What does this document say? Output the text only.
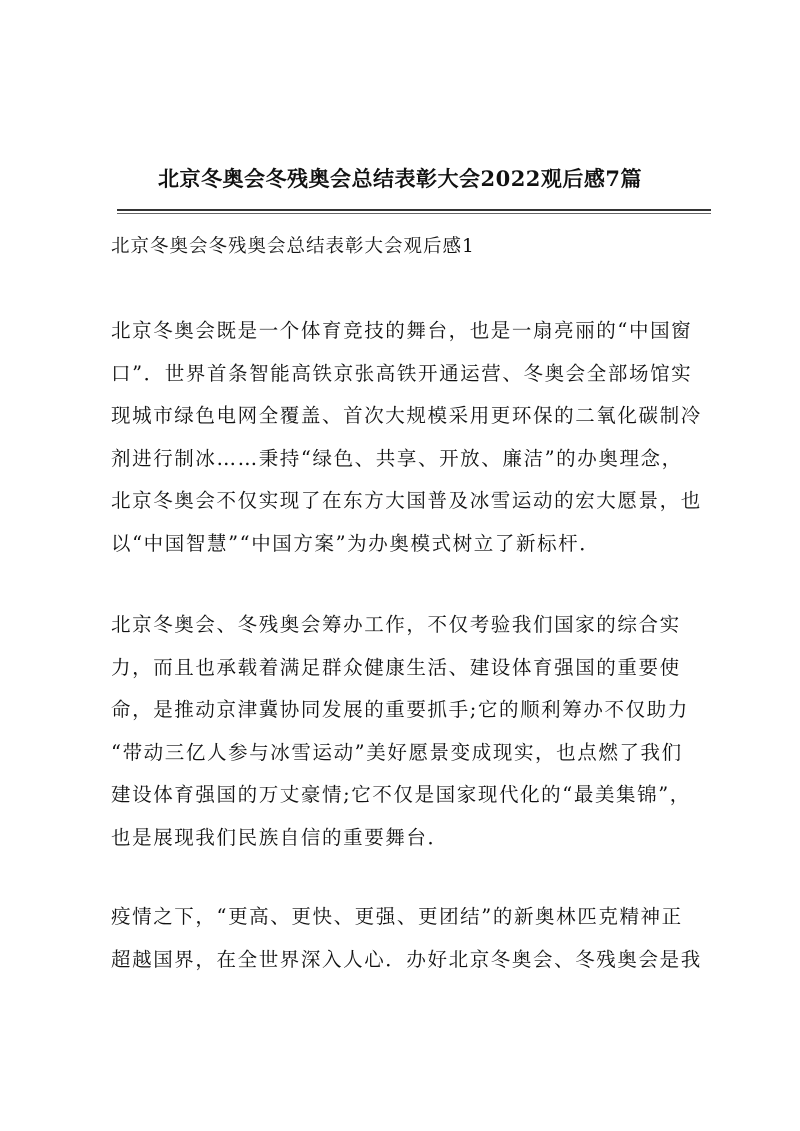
北京冬奥会冬残奥会总结表彰大会2022观后感7篇
北京冬奥会冬残奥会总结表彰大会观后感1
北京冬奥会既是一个体育竞技的舞台，也是一扇亮丽的“中国窗
口”．世界首条智能高铁京张高铁开通运营、冬奥会全部场馆实
现城市绿色电网全覆盖、首次大规模采用更环保的二氧化碳制冷
剂进行制冰……秉持“绿色、共享、开放、廉洁”的办奥理念，
北京冬奥会不仅实现了在东方大国普及冰雪运动的宏大愿景，也
以“中国智慧”“中国方案”为办奥模式树立了新标杆．
北京冬奥会、冬残奥会筹办工作，不仅考验我们国家的综合实
力，而且也承载着满足群众健康生活、建设体育强国的重要使
命，是推动京津冀协同发展的重要抓手;它的顺利筹办不仅助力
“带动三亿人参与冰雪运动”美好愿景变成现实，也点燃了我们
建设体育强国的万丈豪情;它不仅是国家现代化的“最美集锦”，
也是展现我们民族自信的重要舞台．
疫情之下，“更高、更快、更强、更团结”的新奥林匹克精神正
超越国界，在全世界深入人心．办好北京冬奥会、冬残奥会是我
